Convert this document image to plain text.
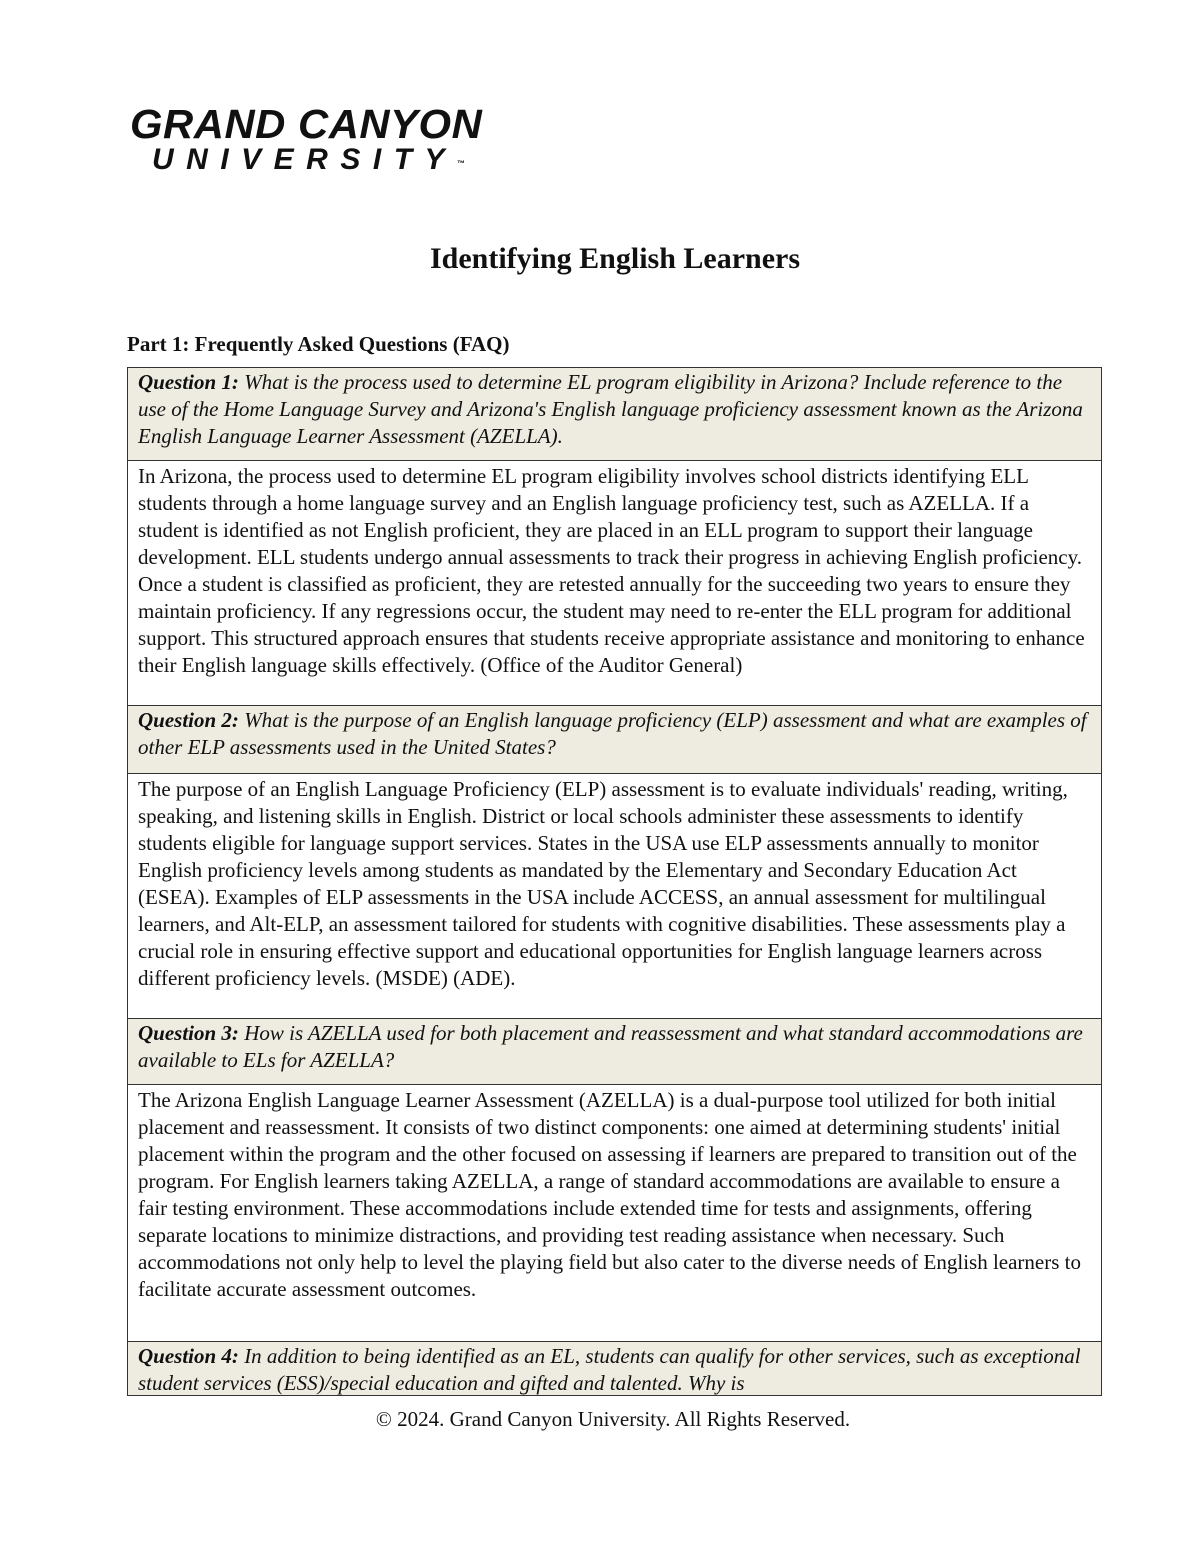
GRAND CANYON
UNIVERSITY™
Identifying English Learners
Part 1: Frequently Asked Questions (FAQ)
Question 1: What is the process used to determine EL program eligibility in Arizona? Include reference to the use of the Home Language Survey and Arizona's English language proficiency assessment known as the Arizona English Language Learner Assessment (AZELLA).
In Arizona, the process used to determine EL program eligibility involves school districts identifying ELL students through a home language survey and an English language proficiency test, such as AZELLA. If a student is identified as not English proficient, they are placed in an ELL program to support their language development. ELL students undergo annual assessments to track their progress in achieving English proficiency. Once a student is classified as proficient, they are retested annually for the succeeding two years to ensure they maintain proficiency. If any regressions occur, the student may need to re-enter the ELL program for additional support. This structured approach ensures that students receive appropriate assistance and monitoring to enhance their English language skills effectively. (Office of the Auditor General)
Question 2: What is the purpose of an English language proficiency (ELP) assessment and what are examples of other ELP assessments used in the United States?
The purpose of an English Language Proficiency (ELP) assessment is to evaluate individuals' reading, writing, speaking, and listening skills in English. District or local schools administer these assessments to identify students eligible for language support services. States in the USA use ELP assessments annually to monitor English proficiency levels among students as mandated by the Elementary and Secondary Education Act (ESEA). Examples of ELP assessments in the USA include ACCESS, an annual assessment for multilingual learners, and Alt-ELP, an assessment tailored for students with cognitive disabilities. These assessments play a crucial role in ensuring effective support and educational opportunities for English language learners across different proficiency levels. (MSDE) (ADE).
Question 3: How is AZELLA used for both placement and reassessment and what standard accommodations are available to ELs for AZELLA?
The Arizona English Language Learner Assessment (AZELLA) is a dual-purpose tool utilized for both initial placement and reassessment. It consists of two distinct components: one aimed at determining students' initial placement within the program and the other focused on assessing if learners are prepared to transition out of the program. For English learners taking AZELLA, a range of standard accommodations are available to ensure a fair testing environment. These accommodations include extended time for tests and assignments, offering separate locations to minimize distractions, and providing test reading assistance when necessary. Such accommodations not only help to level the playing field but also cater to the diverse needs of English learners to facilitate accurate assessment outcomes.
Question 4: In addition to being identified as an EL, students can qualify for other services, such as exceptional student services (ESS)/special education and gifted and talented. Why is

© 2024. Grand Canyon University. All Rights Reserved.
